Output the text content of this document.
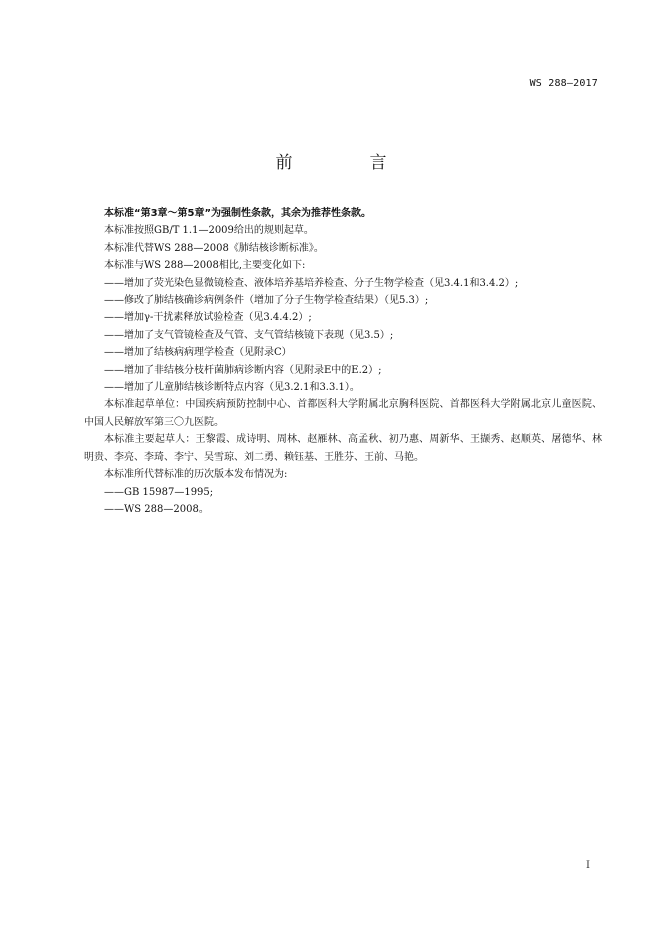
WS 288—2017
前　言

本标准“第3章～第5章”为强制性条款，其余为推荐性条款。

本标准按照GB/T 1.1—2009给出的规则起草。

本标准代替WS 288—2008《肺结核诊断标准》。

本标准与WS 288—2008相比,主要变化如下:

——增加了荧光染色显微镜检查、液体培养基培养检查、分子生物学检查（见3.4.1和3.4.2）;

——修改了肺结核确诊病例条件（增加了分子生物学检查结果）（见5.3）;

——增加γ-干扰素释放试验检查（见3.4.4.2）;

——增加了支气管镜检查及气管、支气管结核镜下表现（见3.5）;

——增加了结核病病理学检查（见附录C）

——增加了非结核分枝杆菌肺病诊断内容（见附录E中的E.2）;

——增加了儿童肺结核诊断特点内容（见3.2.1和3.3.1）。

本标准起草单位：中国疾病预防控制中心、首都医科大学附属北京胸科医院、首都医科大学附属北京儿童医院、中国人民解放军第三〇九医院。

本标准主要起草人：王黎霞、成诗明、周林、赵雁林、高孟秋、初乃惠、周新华、王撷秀、赵顺英、屠德华、林明贵、李亮、李琦、李宁、吴雪琼、刘二勇、赖钰基、王胜芬、王前、马艳。

本标准所代替标准的历次版本发布情况为:

——GB 15987—1995;

——WS 288—2008。

I
